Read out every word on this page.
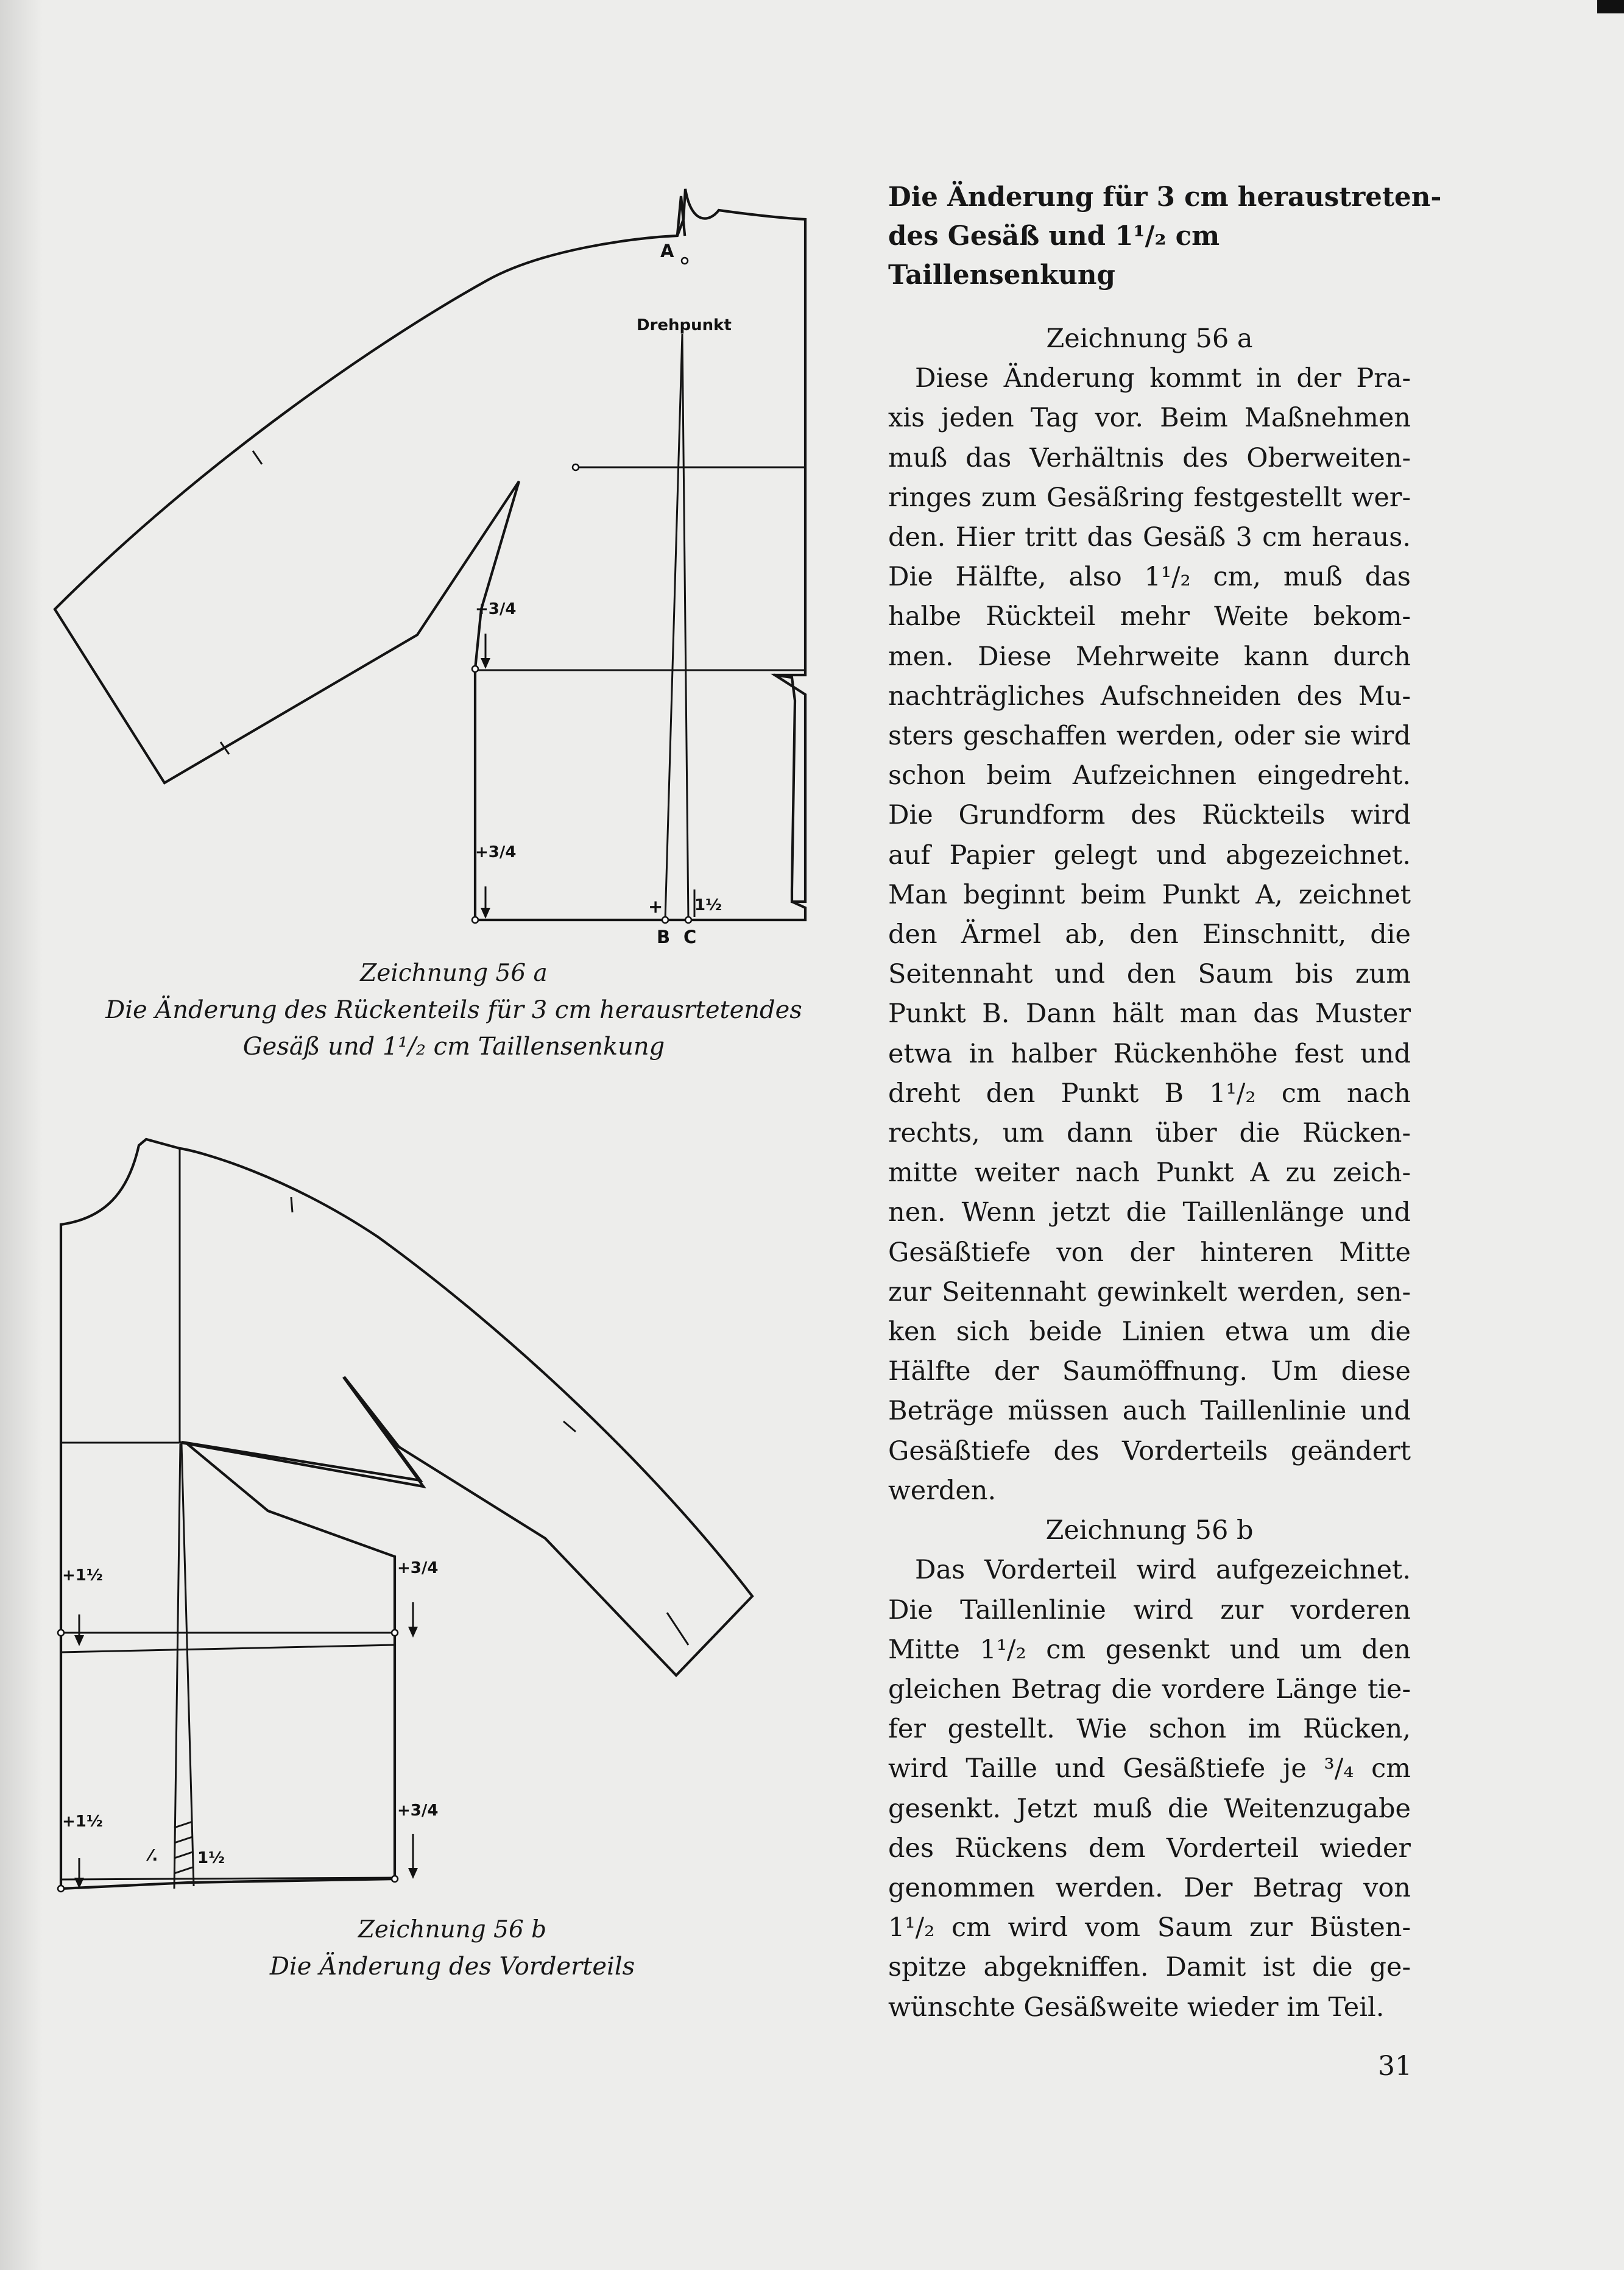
A
Drehpunkt
+3/4
+3/4
+ 1½
B C
Zeichnung 56 a
Die Änderung des Rückenteils für 3 cm herausrtetendes
Gesäß und 1¹/₂ cm Taillensenkung
+1½
+1½
+3/4
+3/4
⁄. 1½
Zeichnung 56 b
Die Änderung des Vorderteils
Die Änderung für 3 cm heraustreten-
des Gesäß und 1¹/₂ cm Taillensenkung

Zeichnung 56 a

Diese Änderung kommt in der Pra-
xis jeden Tag vor. Beim Maßnehmen
muß das Verhältnis des Oberweiten-
ringes zum Gesäßring festgestellt wer-
den. Hier tritt das Gesäß 3 cm heraus.
Die Hälfte, also 1¹/₂ cm, muß das
halbe Rückteil mehr Weite bekom-
men. Diese Mehrweite kann durch
nachträgliches Aufschneiden des Mu-
sters geschaffen werden, oder sie wird
schon beim Aufzeichnen eingedreht.
Die Grundform des Rückteils wird
auf Papier gelegt und abgezeichnet.
Man beginnt beim Punkt A, zeichnet
den Ärmel ab, den Einschnitt, die
Seitennaht und den Saum bis zum
Punkt B. Dann hält man das Muster
etwa in halber Rückenhöhe fest und
dreht den Punkt B 1¹/₂ cm nach
rechts, um dann über die Rücken-
mitte weiter nach Punkt A zu zeich-
nen. Wenn jetzt die Taillenlänge und
Gesäßtiefe von der hinteren Mitte
zur Seitennaht gewinkelt werden, sen-
ken sich beide Linien etwa um die
Hälfte der Saumöffnung. Um diese
Beträge müssen auch Taillenlinie und
Gesäßtiefe des Vorderteils geändert
werden.

Zeichnung 56 b

Das Vorderteil wird aufgezeichnet.
Die Taillenlinie wird zur vorderen
Mitte 1¹/₂ cm gesenkt und um den
gleichen Betrag die vordere Länge tie-
fer gestellt. Wie schon im Rücken,
wird Taille und Gesäßtiefe je ³/₄ cm
gesenkt. Jetzt muß die Weitenzugabe
des Rückens dem Vorderteil wieder
genommen werden. Der Betrag von
1¹/₂ cm wird vom Saum zur Büsten-
spitze abgekniffen. Damit ist die ge-
wünschte Gesäßweite wieder im Teil.
31
